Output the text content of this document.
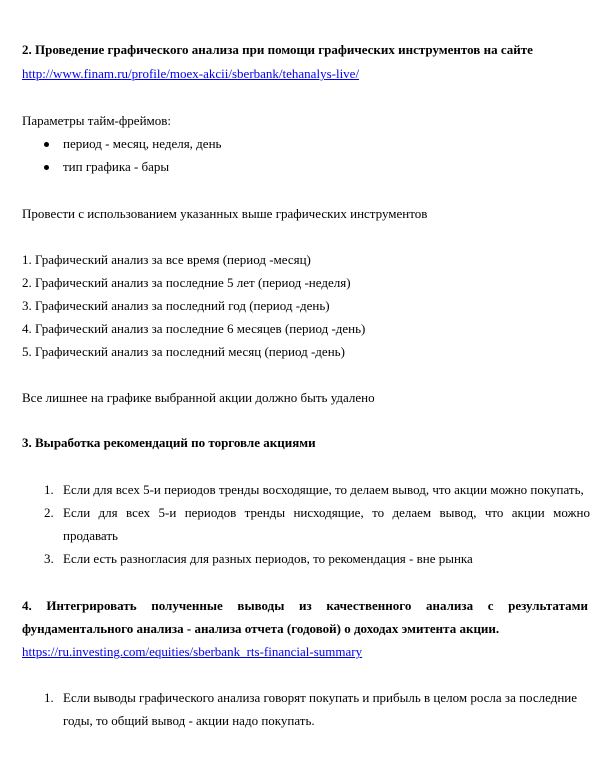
2. Проведение графического анализа при помощи графических инструментов на сайте
http://www.finam.ru/profile/moex-akcii/sberbank/tehanalys-live/
Параметры тайм-фреймов:
период - месяц, неделя, день
тип графика - бары
Провести с использованием указанных выше графических инструментов
1. Графический анализ за все время (период -месяц)
2. Графический анализ за последние 5 лет (период -неделя)
3. Графический анализ за последний год (период -день)
4. Графический анализ за последние 6 месяцев (период -день)
5. Графический анализ за последний месяц (период -день)
Все лишнее на графике выбранной акции должно быть удалено
3. Выработка рекомендаций по торговле акциями
1. Если для всех 5-и периодов тренды восходящие, то делаем вывод, что акции можно покупать,
2. Если для всех 5-и периодов тренды нисходящие, то делаем вывод, что акции можно
продавать
3. Если есть разногласия для разных периодов, то рекомендация - вне рынка
4. Интегрировать полученные выводы из качественного анализа с результатами
фундаментального анализа - анализа отчета (годовой) о доходах эмитента акции.
https://ru.investing.com/equities/sberbank_rts-financial-summary
1. Если выводы графического анализа говорят покупать и прибыль в целом росла за последние
годы, то общий вывод - акции надо покупать.
